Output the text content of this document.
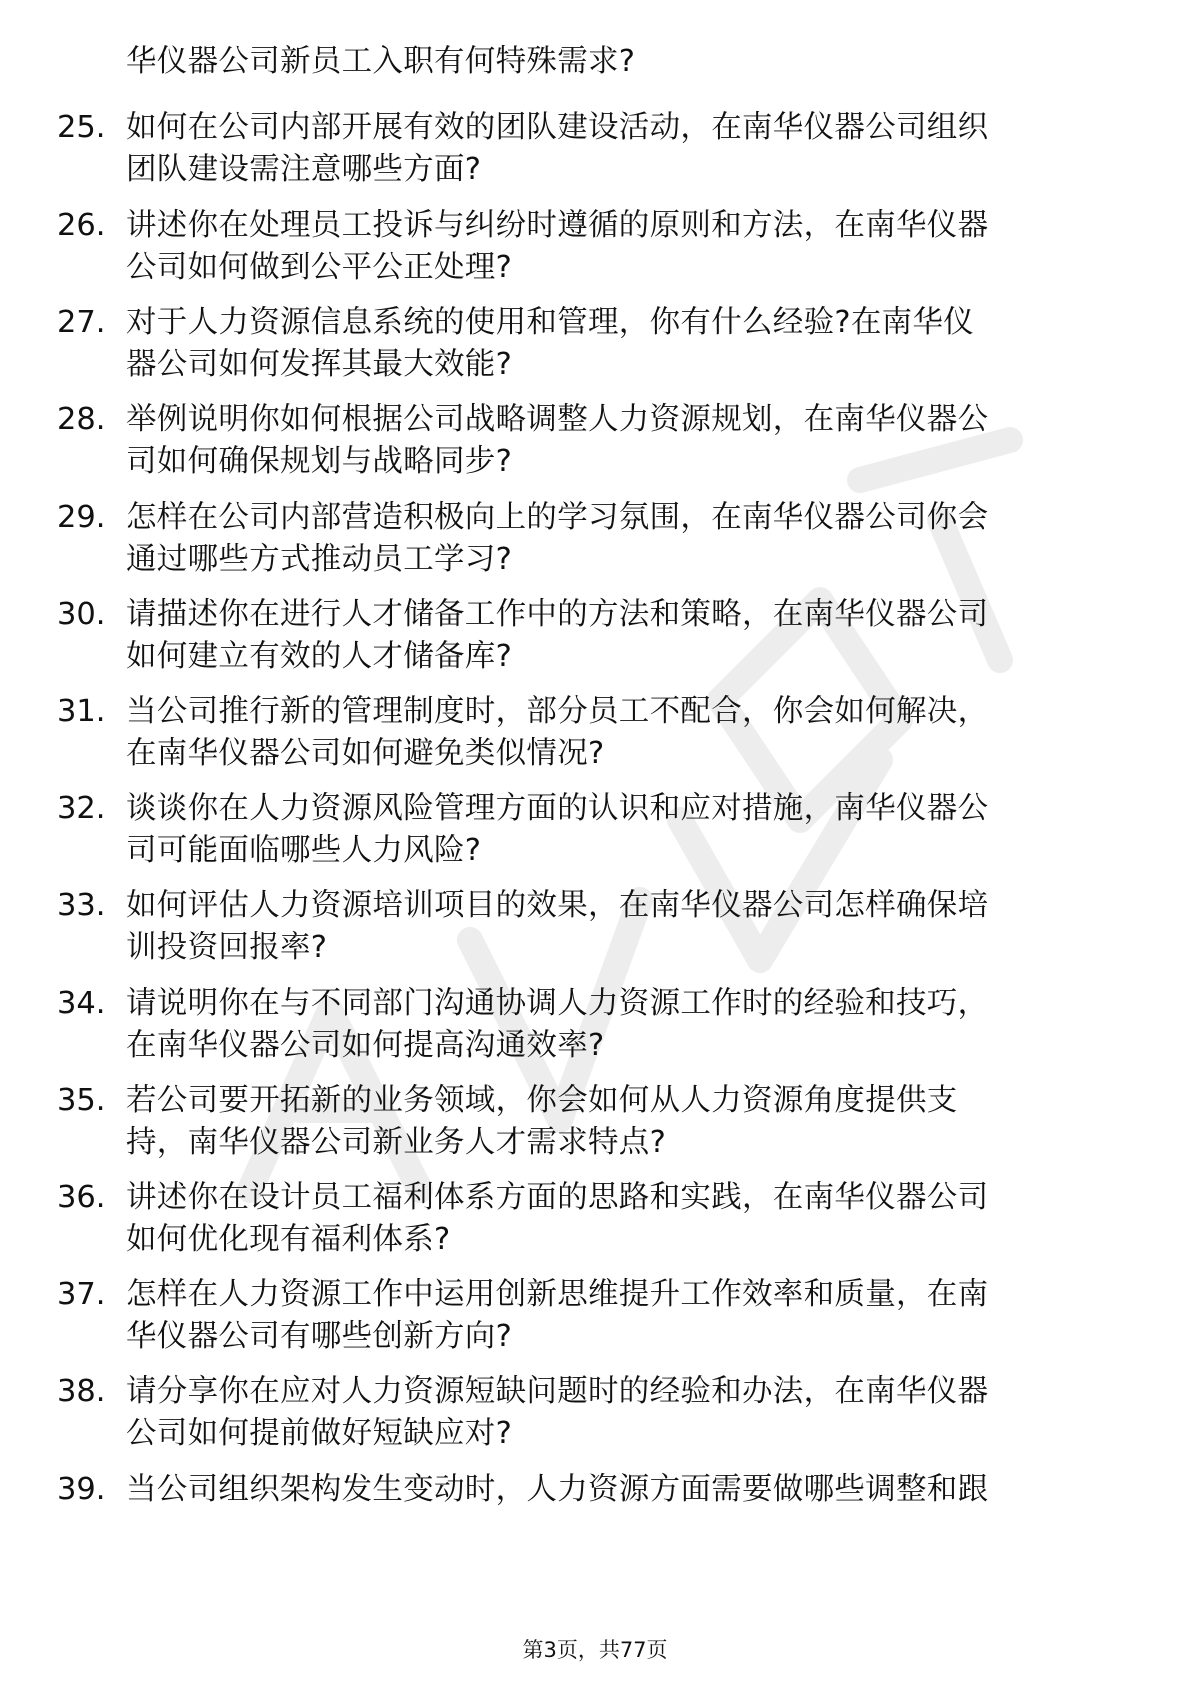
华仪器公司新员工入职有何特殊需求?
25. 如何在公司内部开展有效的团队建设活动，在南华仪器公司组织
团队建设需注意哪些方面?
26. 讲述你在处理员工投诉与纠纷时遵循的原则和方法，在南华仪器
公司如何做到公平公正处理?
27. 对于人力资源信息系统的使用和管理，你有什么经验?在南华仪
器公司如何发挥其最大效能?
28. 举例说明你如何根据公司战略调整人力资源规划，在南华仪器公
司如何确保规划与战略同步?
29. 怎样在公司内部营造积极向上的学习氛围，在南华仪器公司你会
通过哪些方式推动员工学习?
30. 请描述你在进行人才储备工作中的方法和策略，在南华仪器公司
如何建立有效的人才储备库?
31. 当公司推行新的管理制度时，部分员工不配合，你会如何解决，
在南华仪器公司如何避免类似情况?
32. 谈谈你在人力资源风险管理方面的认识和应对措施，南华仪器公
司可能面临哪些人力风险?
33. 如何评估人力资源培训项目的效果，在南华仪器公司怎样确保培
训投资回报率?
34. 请说明你在与不同部门沟通协调人力资源工作时的经验和技巧，
在南华仪器公司如何提高沟通效率?
35. 若公司要开拓新的业务领域，你会如何从人力资源角度提供支
持，南华仪器公司新业务人才需求特点?
36. 讲述你在设计员工福利体系方面的思路和实践，在南华仪器公司
如何优化现有福利体系?
37. 怎样在人力资源工作中运用创新思维提升工作效率和质量，在南
华仪器公司有哪些创新方向?
38. 请分享你在应对人力资源短缺问题时的经验和办法，在南华仪器
公司如何提前做好短缺应对?
39. 当公司组织架构发生变动时，人力资源方面需要做哪些调整和跟
第3页，共77页
